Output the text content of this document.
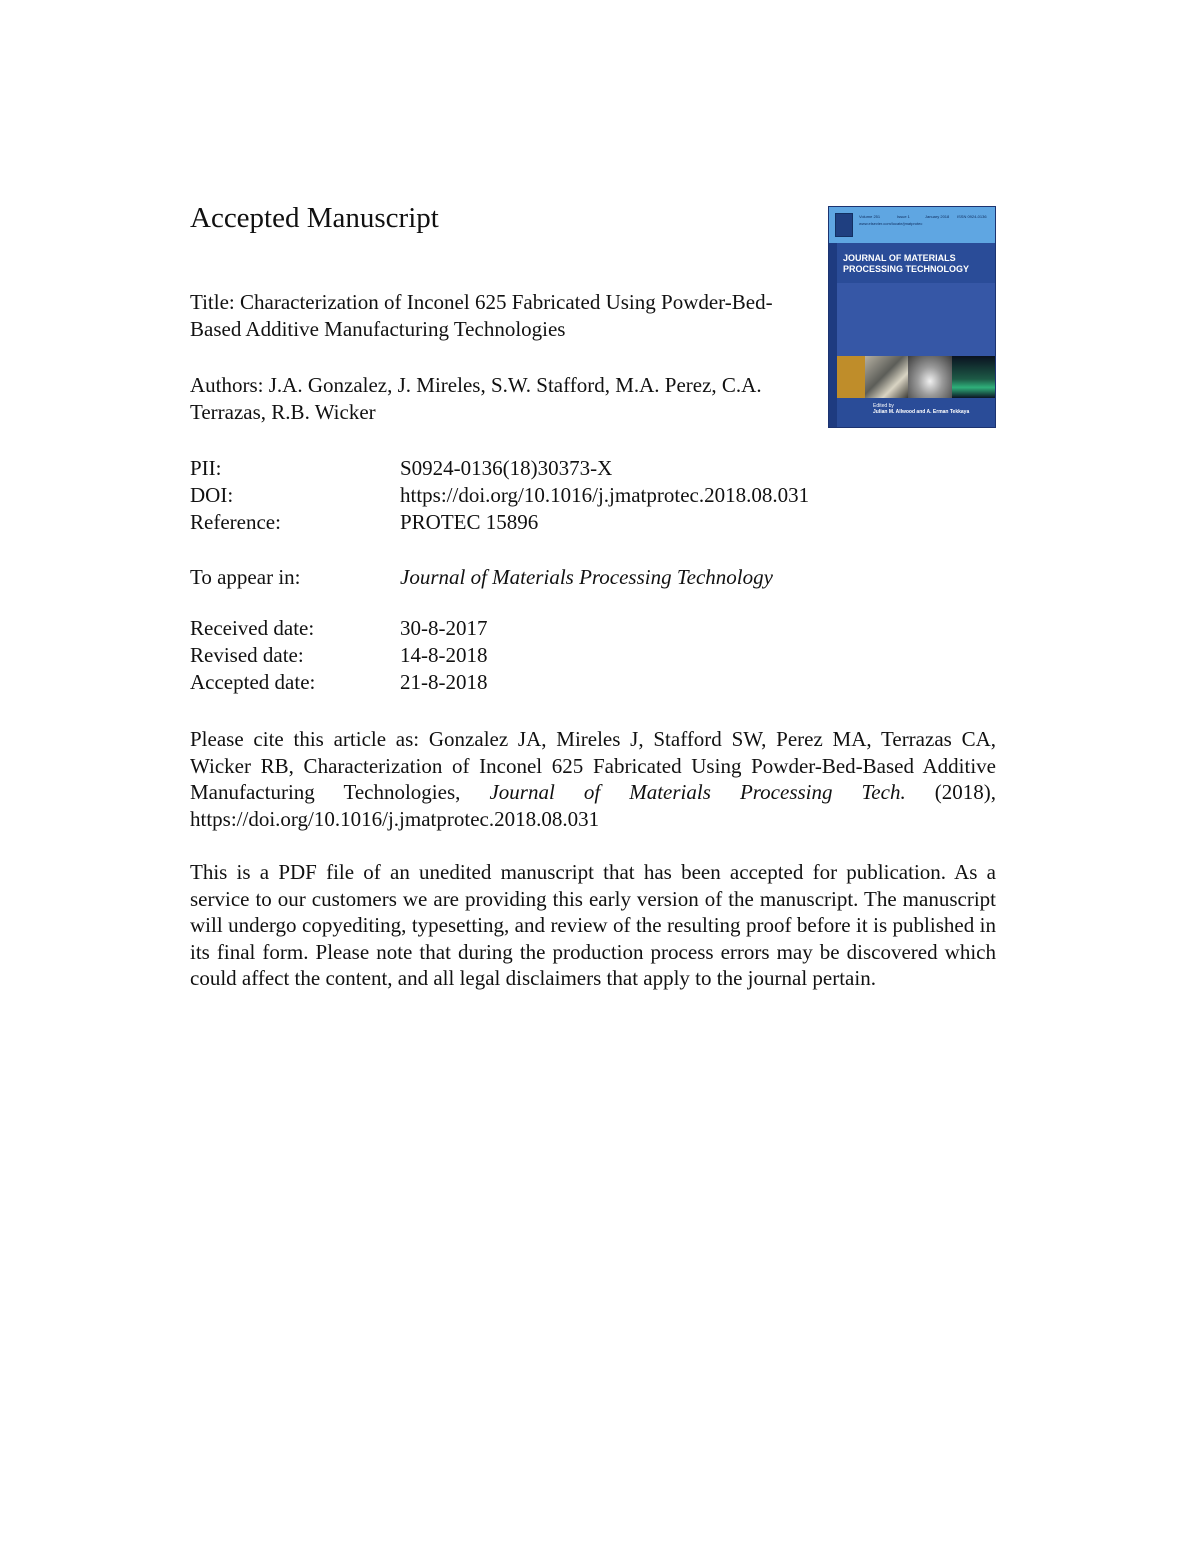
Accepted Manuscript
Title: Characterization of Inconel 625 Fabricated Using Powder-Bed-Based Additive Manufacturing Technologies
Authors: J.A. Gonzalez, J. Mireles, S.W. Stafford, M.A. Perez, C.A. Terrazas, R.B. Wicker
PII:	S0924-0136(18)30373-X
DOI:	https://doi.org/10.1016/j.jmatprotec.2018.08.031
Reference:	PROTEC 15896
To appear in:	Journal of Materials Processing Technology
Received date:	30-8-2017
Revised date:	14-8-2018
Accepted date:	21-8-2018
Please cite this article as: Gonzalez JA, Mireles J, Stafford SW, Perez MA, Terrazas CA, Wicker RB, Characterization of Inconel 625 Fabricated Using Powder-Bed-Based Additive Manufacturing Technologies, Journal of Materials Processing Tech. (2018), https://doi.org/10.1016/j.jmatprotec.2018.08.031
This is a PDF file of an unedited manuscript that has been accepted for publication. As a service to our customers we are providing this early version of the manuscript. The manuscript will undergo copyediting, typesetting, and review of the resulting proof before it is published in its final form. Please note that during the production process errors may be discovered which could affect the content, and all legal disclaimers that apply to the journal pertain.
Volume 251	Issue 1	January 2018 ISSN 0924-0136
www.elsevier.com/locate/jmatprotec
JOURNAL OF MATERIALS PROCESSING TECHNOLOGY
Edited by
Julian M. Allwood and A. Erman Tekkaya
